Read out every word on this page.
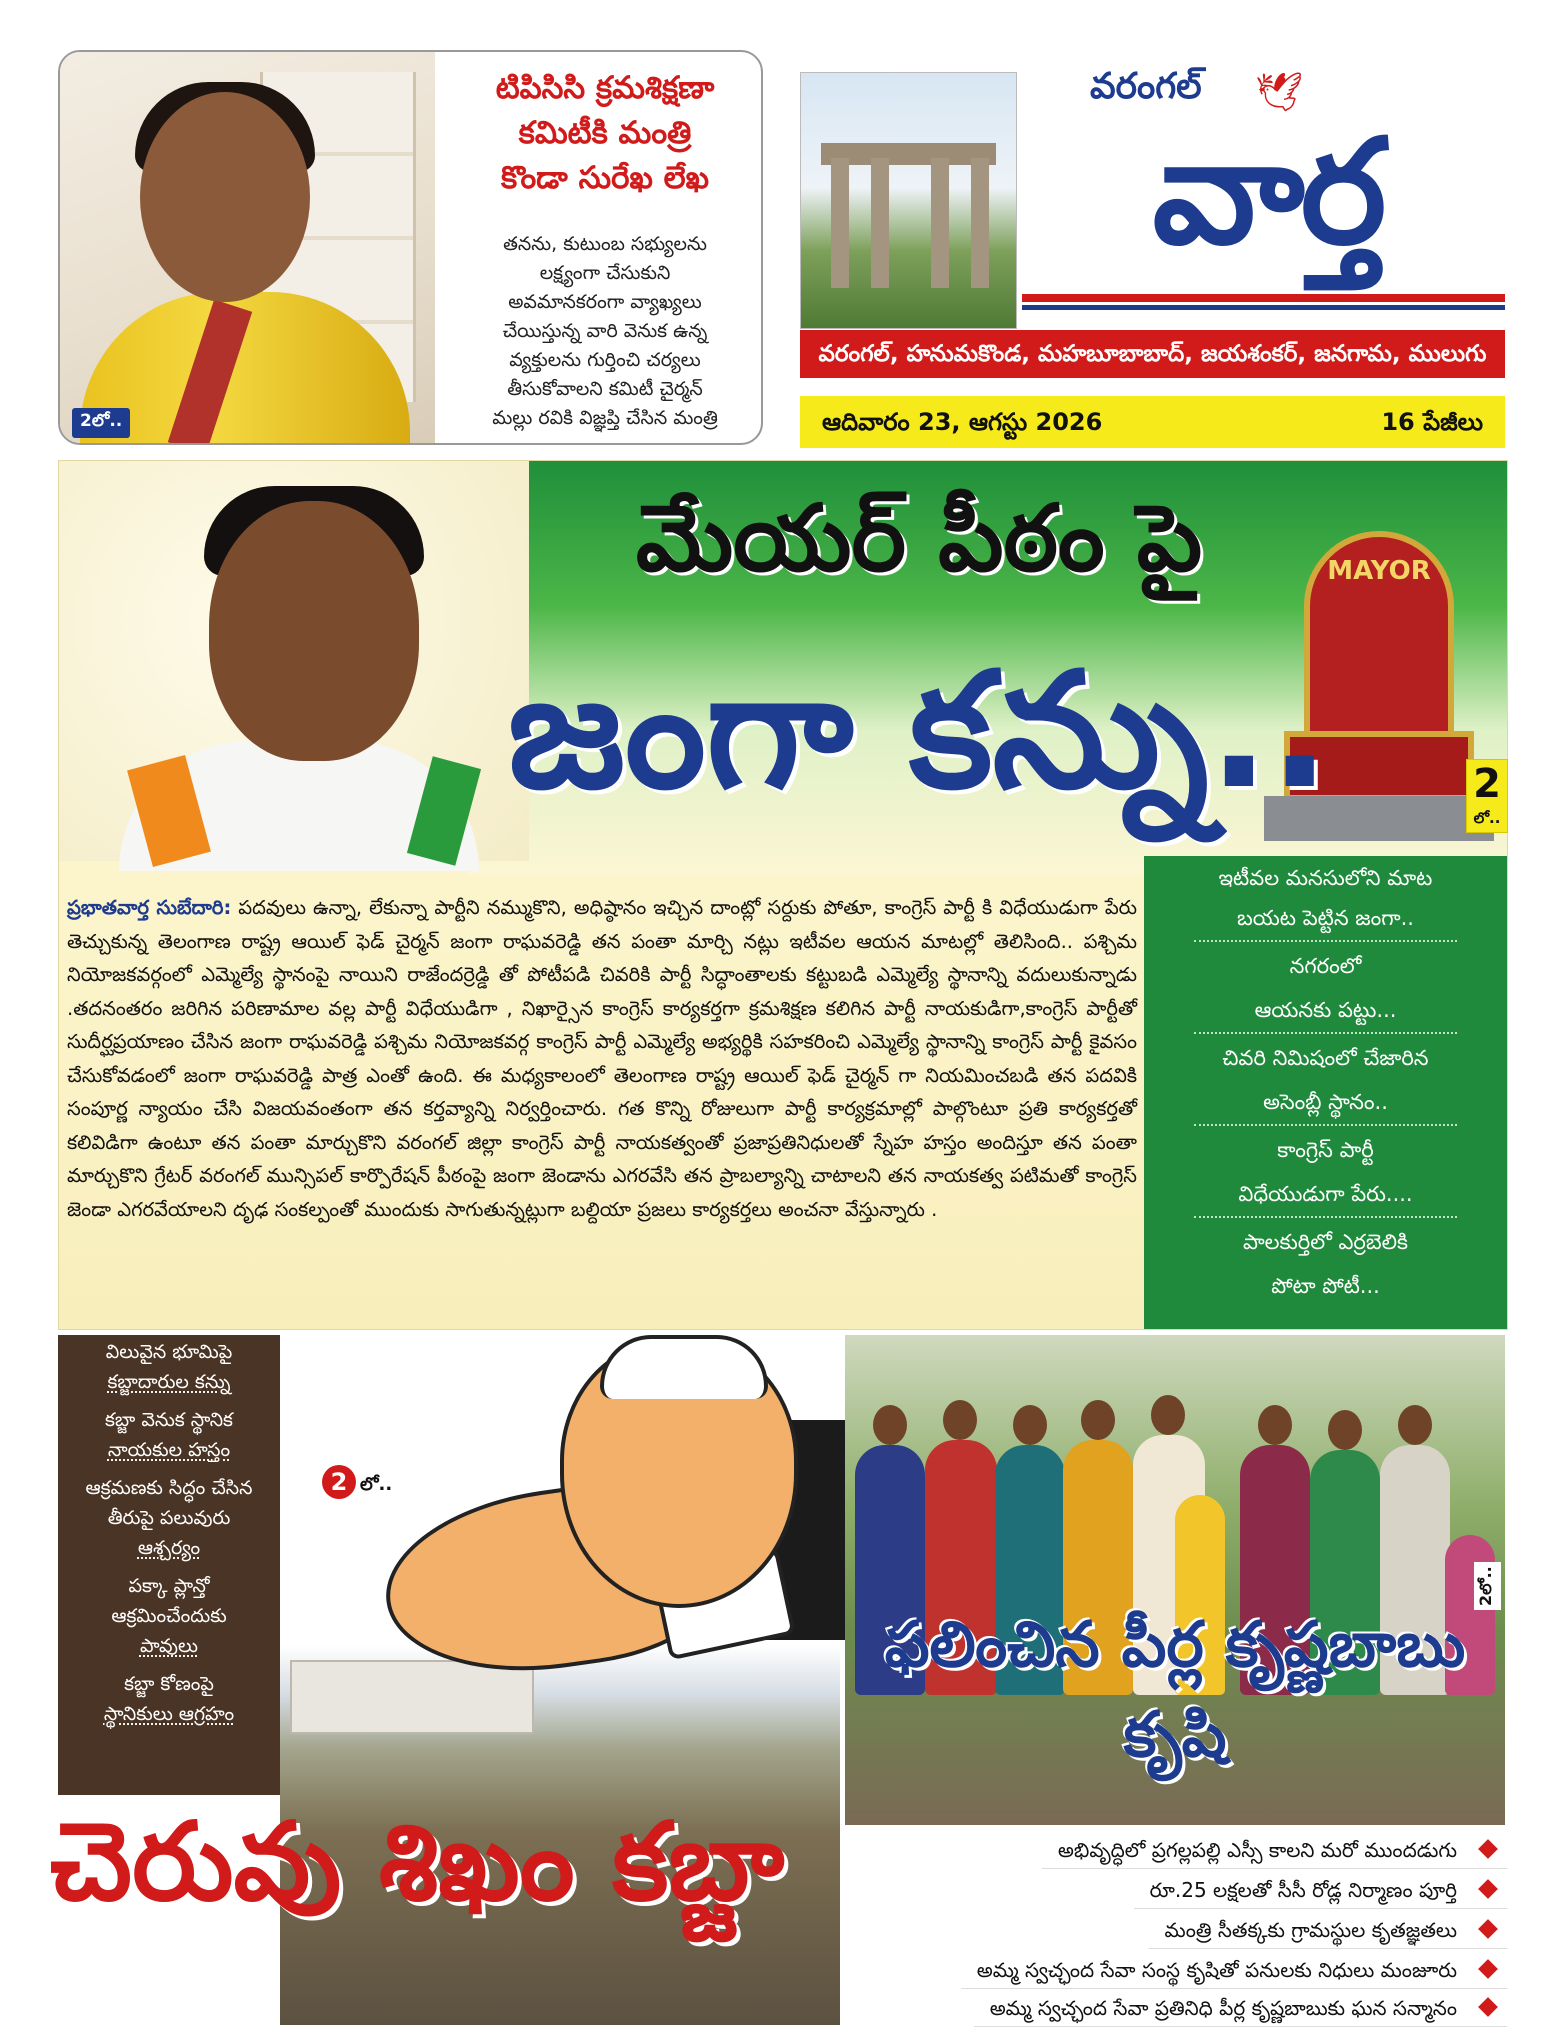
2లో..
టిపిసిసి క్రమశిక్షణా
కమిటీకి మంత్రి
కొండా సురేఖ లేఖ
తనను, కుటుంబ సభ్యులను
లక్ష్యంగా చేసుకుని
అవమానకరంగా వ్యాఖ్యలు
చేయిస్తున్న వారి వెనుక ఉన్న
వ్యక్తులను గుర్తించి చర్యలు
తీసుకోవాలని కమిటీ చైర్మన్
మల్లు రవికి విజ్ఞప్తి చేసిన మంత్రి
వరంగల్ 🕊
వార్త
వరంగల్, హనుమకొండ, మహబూబాబాద్, జయశంకర్, జనగామ, ములుగు
ఆదివారం 23, ఆగస్టు 2026	16 పేజీలు
MAYOR
మేయర్ పీఠం పై
జంగా కన్ను..	2
లో..
ప్రభాతవార్త సుబేదారి: పదవులు ఉన్నా, లేకున్నా పార్టీని నమ్ముకొని, అధిష్ఠానం ఇచ్చిన దాంట్లో సర్దుకు పోతూ, కాంగ్రెస్ పార్టీ కి విధేయుడుగా పేరు తెచ్చుకున్న తెలంగాణ రాష్ట్ర ఆయిల్ ఫెడ్ చైర్మన్ జంగా రాఘవరెడ్డి తన పంతా మార్చి నట్లు ఇటీవల ఆయన మాటల్లో తెలిసింది.. పశ్చిమ నియోజకవర్గంలో ఎమ్మెల్యే స్థానంపై నాయిని రాజేందర్రెడ్డి తో పోటీపడి చివరికి పార్టీ సిద్ధాంతాలకు కట్టుబడి ఎమ్మెల్యే స్థానాన్ని వదులుకున్నాడు .తదనంతరం జరిగిన పరిణామాల వల్ల పార్టీ విధేయుడిగా , నిఖార్సైన కాంగ్రెస్ కార్యకర్తగా క్రమశిక్షణ కలిగిన పార్టీ నాయకుడిగా,కాంగ్రెస్ పార్టీతో సుదీర్ఘప్రయాణం చేసిన జంగా రాఘవరెడ్డి పశ్చిమ నియోజకవర్గ కాంగ్రెస్ పార్టీ ఎమ్మెల్యే అభ్యర్థికి సహకరించి ఎమ్మెల్యే స్థానాన్ని కాంగ్రెస్ పార్టీ కైవసం చేసుకోవడంలో జంగా రాఘవరెడ్డి పాత్ర ఎంతో ఉంది. ఈ మధ్యకాలంలో తెలంగాణ రాష్ట్ర ఆయిల్ ఫెడ్ చైర్మన్ గా నియమించబడి తన పదవికి సంపూర్ణ న్యాయం చేసి విజయవంతంగా తన కర్తవ్యాన్ని నిర్వర్తించారు. గత కొన్ని రోజులుగా పార్టీ కార్యక్రమాల్లో పాల్గొంటూ ప్రతి కార్యకర్తతో కలివిడిగా ఉంటూ తన పంతా మార్చుకొని వరంగల్ జిల్లా కాంగ్రెస్ పార్టీ నాయకత్వంతో ప్రజాప్రతినిధులతో స్నేహ హస్తం అందిస్తూ తన పంతా మార్చుకొని గ్రేటర్ వరంగల్ మున్సిపల్ కార్పొరేషన్ పీఠంపై జంగా జెండాను ఎగరవేసి తన ప్రాబల్యాన్ని చాటాలని తన నాయకత్వ పటిమతో కాంగ్రెస్ జెండా ఎగరవేయాలని దృఢ సంకల్పంతో ముందుకు సాగుతున్నట్లుగా బల్దియా ప్రజలు కార్యకర్తలు అంచనా వేస్తున్నారు .
ఇటీవల మనసులోని మాట
బయట పెట్టిన జంగా..
నగరంలో
ఆయనకు పట్టు...
చివరి నిమిషంలో చేజారిన
అసెంబ్లీ స్థానం..
కాంగ్రెస్ పార్టీ
విధేయుడుగా పేరు....
పాలకుర్తిలో ఎర్రబెలికి
పోటా పోటీ...
2 లో..
విలువైన భూమిపై
కబ్జాదారుల కన్ను
కబ్జా వెనుక స్థానిక
నాయకుల హస్తం
ఆక్రమణకు సిద్ధం చేసిన
తీరుపై పలువురు
ఆశ్చర్యం
పక్కా ప్లాన్తో
ఆక్రమించేందుకు
పావులు
కబ్జా కోణంపై
స్థానికులు ఆగ్రహం
చెరువు శిఖం కబ్జా
2లో..
ఫలించిన పీర్ల కృష్ణబాబు కృషి
అభివృద్ధిలో ప్రగల్లపల్లి ఎస్సీ కాలని మరో ముందడుగు
రూ.25 లక్షలతో సీసీ రోడ్ల నిర్మాణం పూర్తి
మంత్రి సీతక్కకు గ్రామస్థుల కృతజ్ఞతలు
అమ్మ స్వచ్ఛంద సేవా సంస్థ కృషితో పనులకు నిధులు మంజూరు
అమ్మ స్వచ్ఛంద సేవా ప్రతినిధి పీర్ల కృష్ణబాబుకు ఘన సన్మానం
